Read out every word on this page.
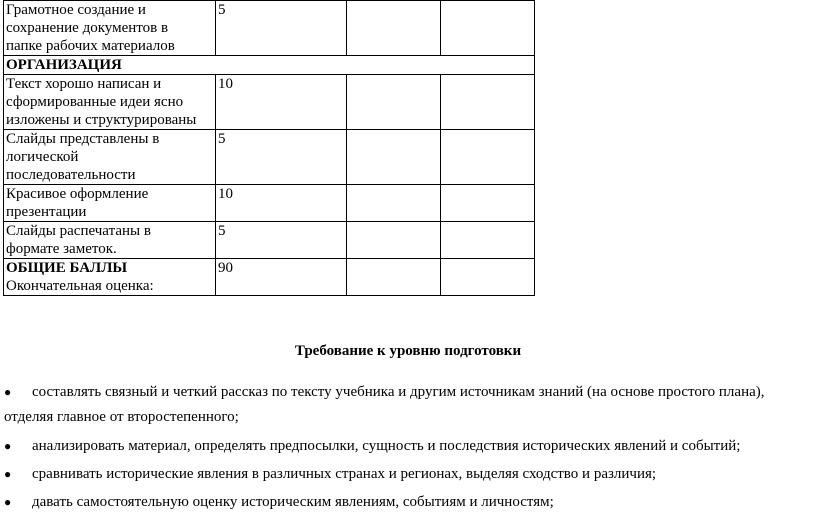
Грамотное создание и
сохранение документов в
папке рабочих материалов	5		
ОРГАНИЗАЦИЯ			

Текст хорошо написан и
сформированные идеи ясно
изложены и структурированы	10		

Слайды представлены в
логической
последовательности	5		

Красивое оформление
презентации	10		

Слайды распечатаны в
формате заметок.	5		

ОБЩИЕ БАЛЛЫ
Окончательная оценка:	90		
Требование к уровню подготовки
● составлять связный и четкий рассказ по тексту учебника и другим источникам знаний (на основе простого плана),
отделяя главное от второстепенного;
● анализировать материал, определять предпосылки, сущность и последствия исторических явлений и событий;
● сравнивать исторические явления в различных странах и регионах, выделяя сходство и различия;
● давать самостоятельную оценку историческим явлениям, событиям и личностям;
